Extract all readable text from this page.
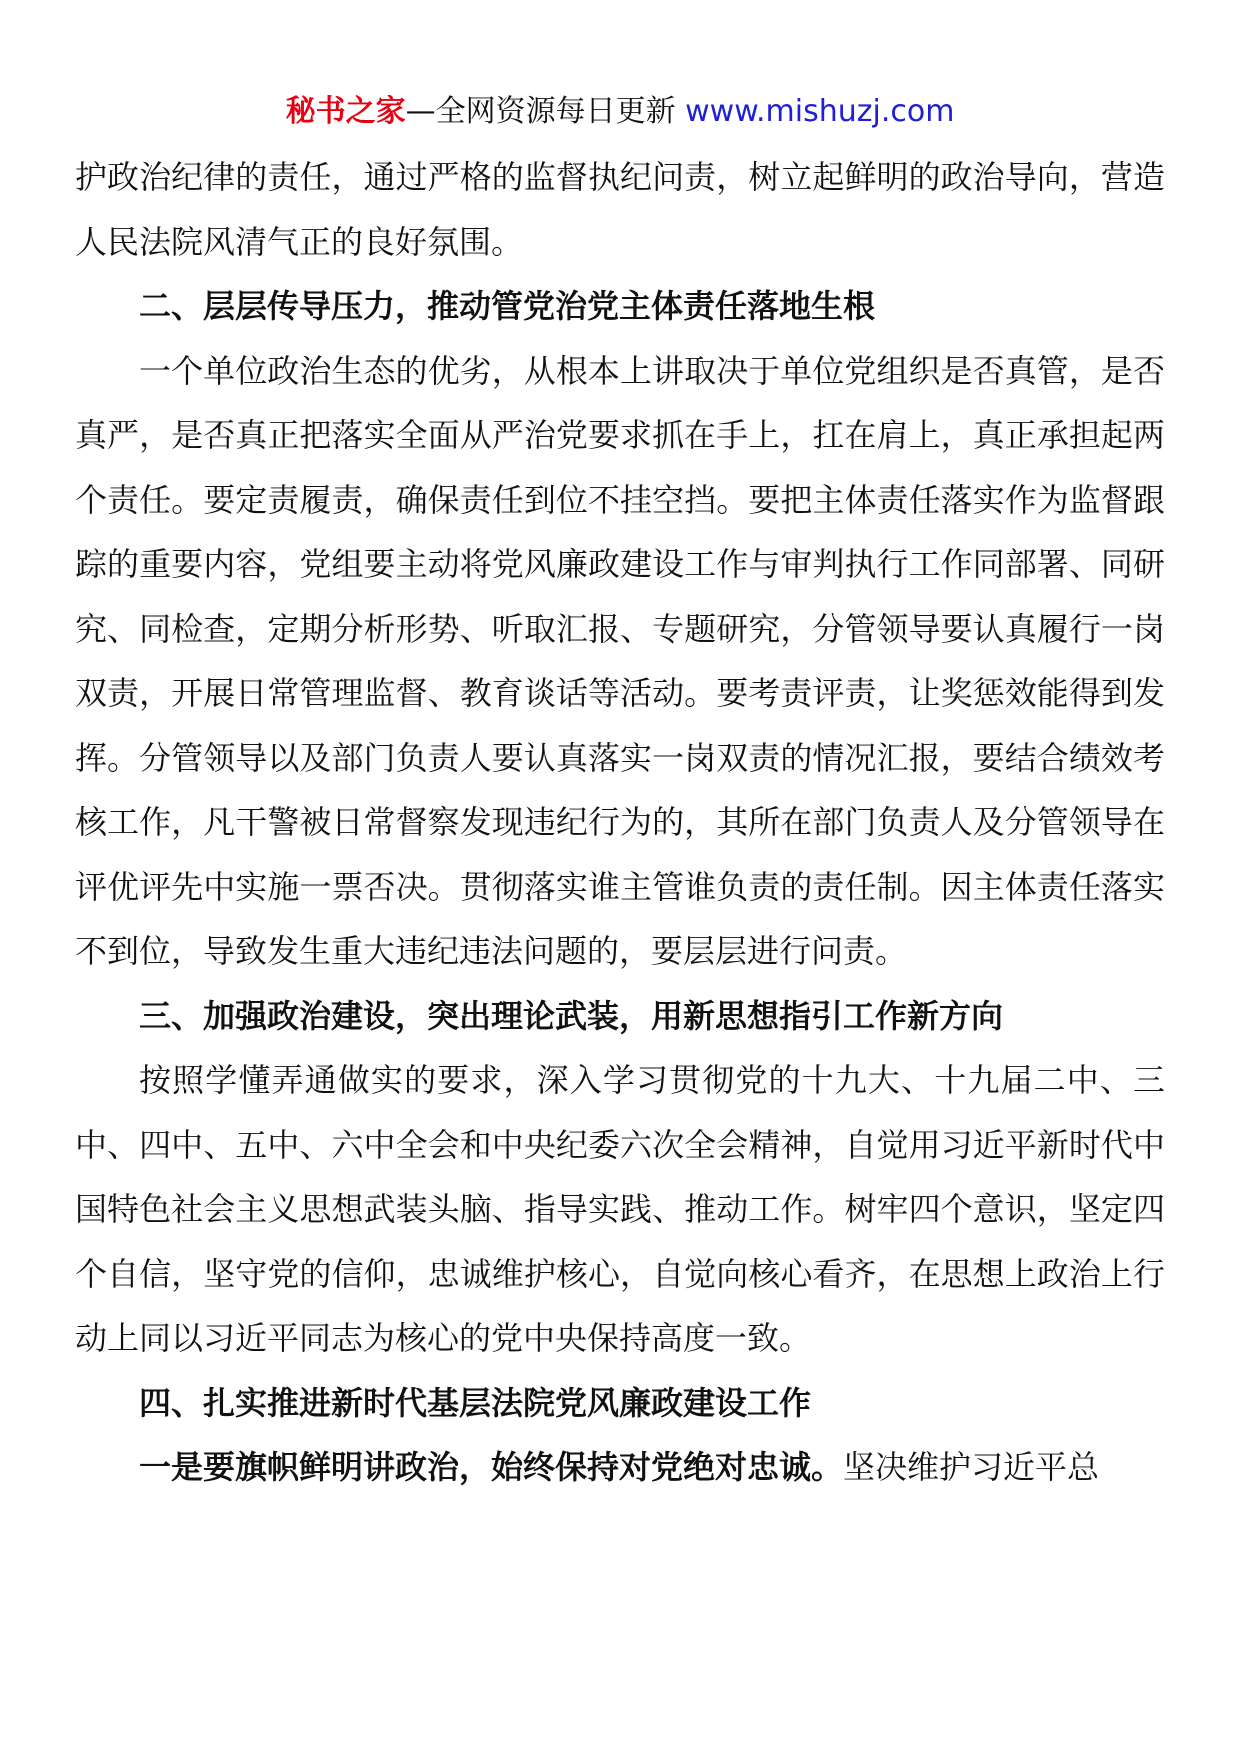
秘书之家—全网资源每日更新 www.mishuzj.com

护政治纪律的责任，通过严格的监督执纪问责，树立起鲜明的政治导向，营造人民法院风清气正的良好氛围。

二、层层传导压力，推动管党治党主体责任落地生根

一个单位政治生态的优劣，从根本上讲取决于单位党组织是否真管，是否真严，是否真正把落实全面从严治党要求抓在手上，扛在肩上，真正承担起两个责任。要定责履责，确保责任到位不挂空挡。要把主体责任落实作为监督跟踪的重要内容，党组要主动将党风廉政建设工作与审判执行工作同部署、同研究、同检查，定期分析形势、听取汇报、专题研究，分管领导要认真履行一岗双责，开展日常管理监督、教育谈话等活动。要考责评责，让奖惩效能得到发挥。分管领导以及部门负责人要认真落实一岗双责的情况汇报，要结合绩效考核工作，凡干警被日常督察发现违纪行为的，其所在部门负责人及分管领导在评优评先中实施一票否决。贯彻落实谁主管谁负责的责任制。因主体责任落实不到位，导致发生重大违纪违法问题的，要层层进行问责。

三、加强政治建设，突出理论武装，用新思想指引工作新方向

按照学懂弄通做实的要求，深入学习贯彻党的十九大、十九届二中、三中、四中、五中、六中全会和中央纪委六次全会精神，自觉用习近平新时代中国特色社会主义思想武装头脑、指导实践、推动工作。树牢四个意识，坚定四个自信，坚守党的信仰，忠诚维护核心，自觉向核心看齐，在思想上政治上行动上同以习近平同志为核心的党中央保持高度一致。

四、扎实推进新时代基层法院党风廉政建设工作

一是要旗帜鲜明讲政治，始终保持对党绝对忠诚。坚决维护习近平总
